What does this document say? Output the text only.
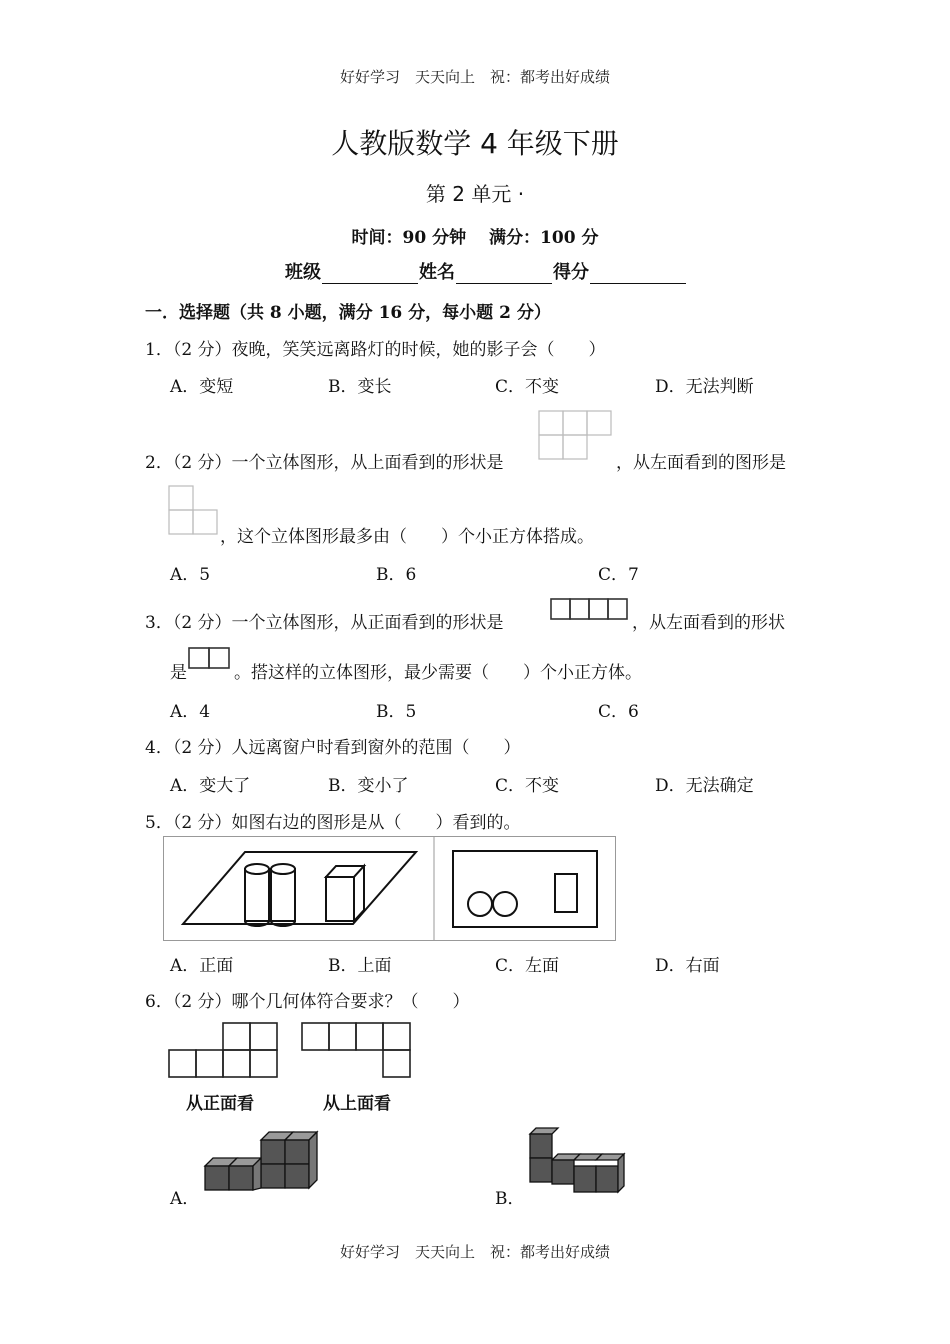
好好学习　天天向上　祝：都考出好成绩
人教版数学 4 年级下册
第 2 单元 ·
时间：90 分钟　 满分：100 分
班级	姓名	得分
一．选择题（共 8 小题，满分 16 分，每小题 2 分）
1．（2 分）夜晚，笑笑远离路灯的时候，她的影子会（　　）
A．变短	B．变长	C．不变	D．无法判断
2．（2 分）一个立体图形，从上面看到的形状是	，从左面看到的图形是
，这个立体图形最多由（　　）个小正方体搭成。
A．5	B．6	C．7
3．（2 分）一个立体图形，从正面看到的形状是	，从左面看到的形状
是	。搭这样的立体图形，最少需要（　　）个小正方体。
A．4	B．5	C．6
4．（2 分）人远离窗户时看到窗外的范围（　　）
A．变大了	B．变小了	C．不变	D．无法确定
5．（2 分）如图右边的图形是从（　　）看到的。
A．正面	B．上面	C．左面	D．右面
6．（2 分）哪个几何体符合要求？（　　）
从正面看	从上面看
A．	B．
好好学习　天天向上　祝：都考出好成绩
